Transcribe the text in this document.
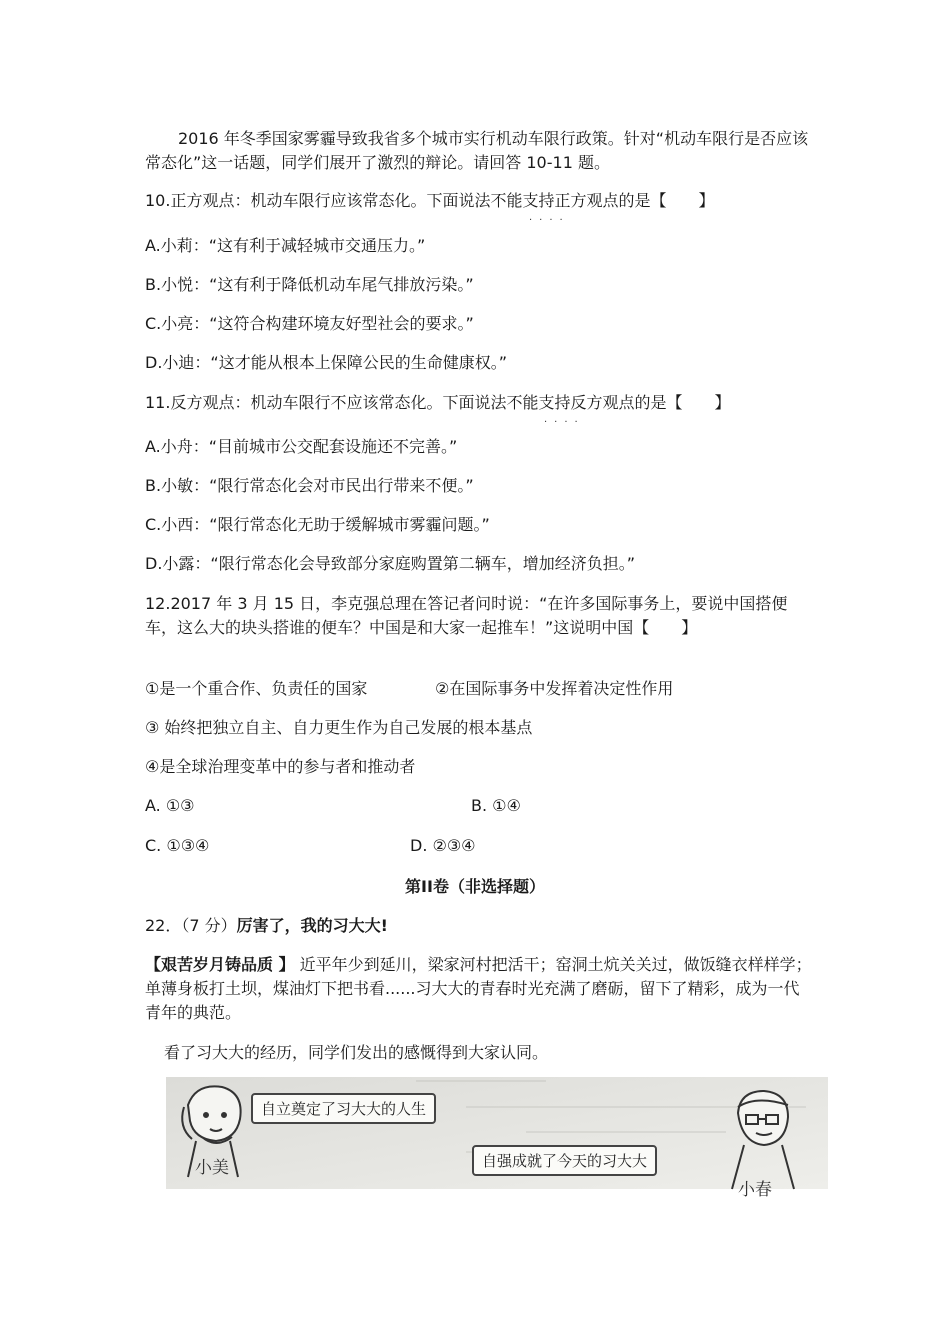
2016 年冬季国家雾霾导致我省多个城市实行机动车限行政策。针对“机动车限行是否应该常态化”这一话题，同学们展开了激烈的辩论。请回答 10-11 题。
10.正方观点：机动车限行应该常态化。下面说法不能支持正方观点的是【　　】
····
A.小莉：“这有利于减轻城市交通压力。”
B.小悦：“这有利于降低机动车尾气排放污染。”
C.小亮：“这符合构建环境友好型社会的要求。”
D.小迪：“这才能从根本上保障公民的生命健康权。”
11.反方观点：机动车限行不应该常态化。下面说法不能支持反方观点的是【　　】
····
A.小舟：“目前城市公交配套设施还不完善。”
B.小敏：“限行常态化会对市民出行带来不便。”
C.小西：“限行常态化无助于缓解城市雾霾问题。”
D.小露：“限行常态化会导致部分家庭购置第二辆车，增加经济负担。”
12.2017 年 3 月 15 日，李克强总理在答记者问时说：“在许多国际事务上，要说中国搭便车，这么大的块头搭谁的便车？中国是和大家一起推车！”这说明中国【　　】
①是一个重合作、负责任的国家	②在国际事务中发挥着决定性作用
③ 始终把独立自主、自力更生作为自己发展的根本基点
④是全球治理变革中的参与者和推动者
A. ①③	B. ①④
C. ①③④	D. ②③④
第II卷（非选择题）
22．（7 分）厉害了，我的习大大!
【艰苦岁月铸品质 】 近平年少到延川，梁家河村把活干；窑洞土炕关关过，做饭缝衣样样学；单薄身板打土坝，煤油灯下把书看......习大大的青春时光充满了磨砺，留下了精彩，成为一代青年的典范。
看了习大大的经历，同学们发出的感慨得到大家认同。
自立奠定了习大大的人生
自强成就了今天的习大大
小美
小春
